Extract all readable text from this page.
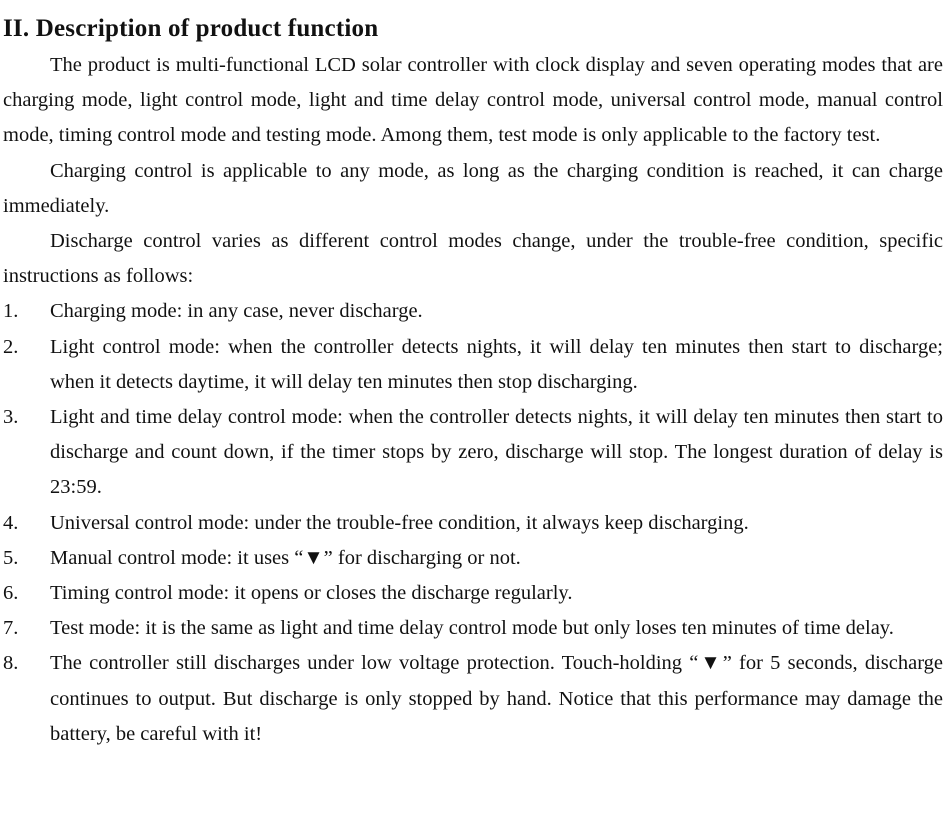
II. Description of product function

The product is multi-functional LCD solar controller with clock display and seven operating modes that are charging mode, light control mode, light and time delay control mode, universal control mode, manual control mode, timing control mode and testing mode. Among them, test mode is only applicable to the factory test.

Charging control is applicable to any mode, as long as the charging condition is reached, it can charge immediately.

Discharge control varies as different control modes change, under the trouble-free condition, specific instructions as follows:

1.	Charging mode: in any case, never discharge.
2.	Light control mode: when the controller detects nights, it will delay ten minutes then start to discharge; when it detects daytime, it will delay ten minutes then stop discharging.
3.	Light and time delay control mode: when the controller detects nights, it will delay ten minutes then start to discharge and count down, if the timer stops by zero, discharge will stop. The longest duration of delay is 23:59.
4.	Universal control mode: under the trouble-free condition, it always keep discharging.
5.	Manual control mode: it uses “▼” for discharging or not.
6.	Timing control mode: it opens or closes the discharge regularly.
7.	Test mode: it is the same as light and time delay control mode but only loses ten minutes of time delay.
8.	The controller still discharges under low voltage protection. Touch-holding “▼” for 5 seconds, discharge continues to output. But discharge is only stopped by hand. Notice that this performance may damage the battery, be careful with it!
